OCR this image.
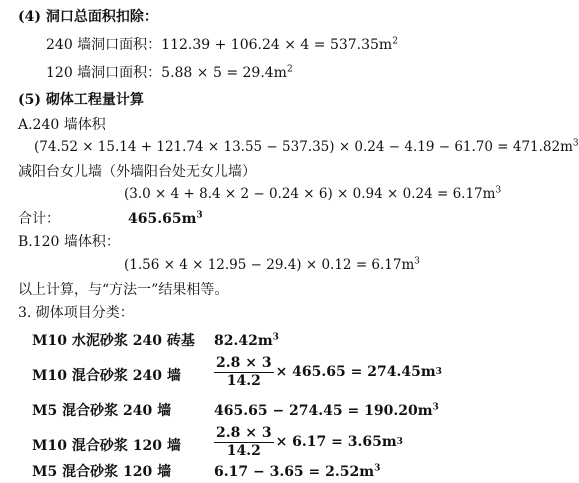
(4) 洞口总面积扣除：
240 墙洞口面积：$112.39 + 106.24 \times 4 = 537.35m^2$
120 墙洞口面积：$5.88 \times 5 = 29.4m^2$
(5) 砌体工程量计算
A.240 墙体积
$(74.52 \times 15.14 + 121.74 \times 13.55 - 537.35) \times 0.24 - 4.19 - 61.70 = 471.82m^3$
减阳台女儿墙（外墙阳台处无女儿墙）
$(3.0 \times 4 + 8.4 \times 2 - 0.24 \times 6) \times 0.94 \times 0.24 = 6.17m^3$
合计：	$465.65m^3$
B.120 墙体积：
$(1.56 \times 4 \times 12.95 - 29.4) \times 0.12 = 6.17m^3$
以上计算，与“方法一”结果相等。
3. 砌体项目分类：
M10 水泥砂浆 240 砖基 $82.42m^3$
M10 混合砂浆 240 墙 $\frac{2.8 \times 3}{14.2} \times 465.65 = 274.45m$ 3
M5 混合砂浆 240 墙	$465.65 - 274.45 = 190.20m^3$
M10 混合砂浆 120 墙 $\frac{2.8 \times 3}{14.2} \times 6.17 = 3.65m$ 3
M5 混合砂浆 120 墙	$6.17 - 3.65 = 2.52m^3$
